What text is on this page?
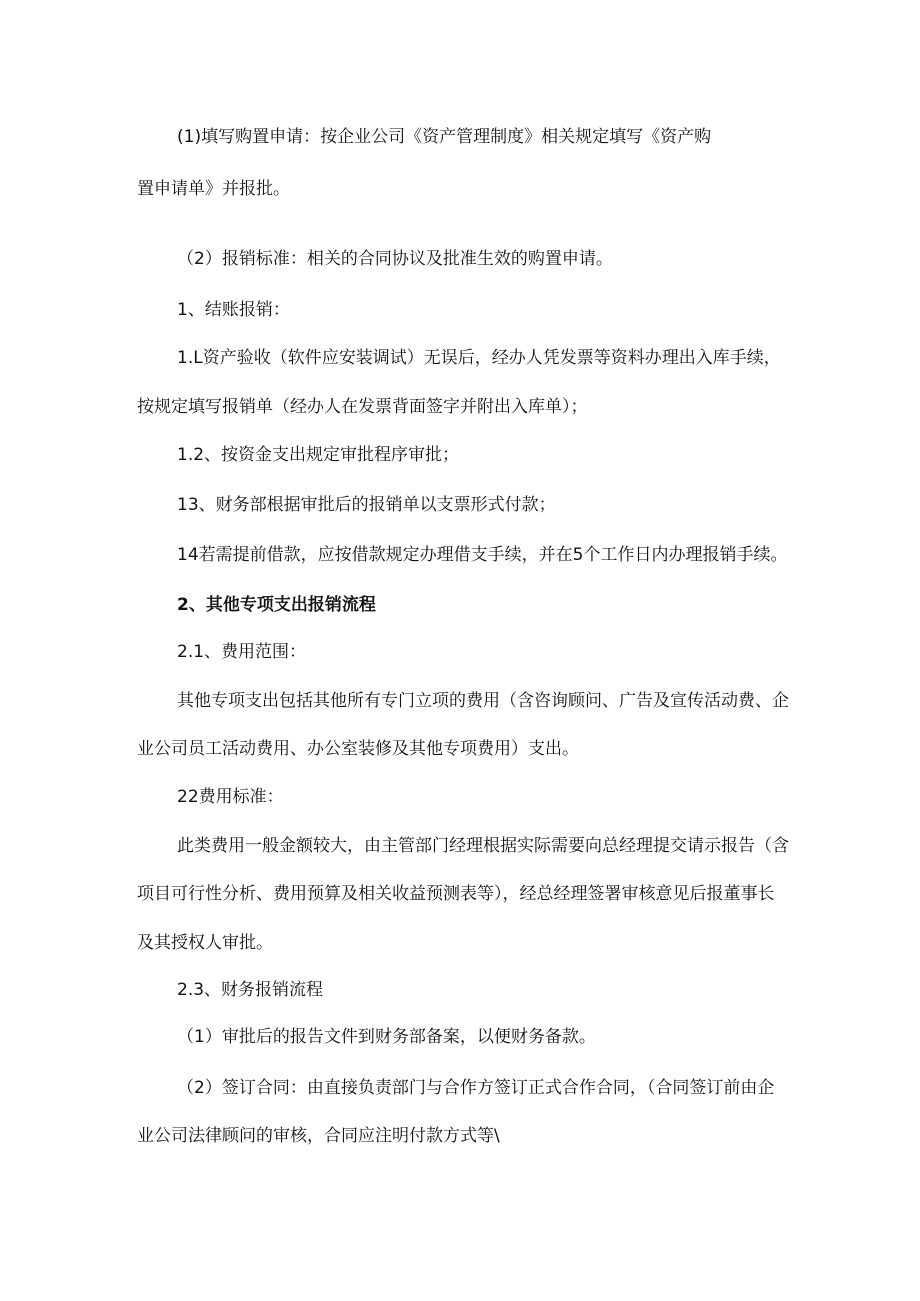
(1)填写购置申请：按企业公司《资产管理制度》相关规定填写《资产购
置申请单》并报批。
（2）报销标准：相关的合同协议及批准生效的购置申请。
1、结账报销：
1.L资产验收（软件应安装调试）无误后，经办人凭发票等资料办理出入库手续，
按规定填写报销单（经办人在发票背面签字并附出入库单）；
1.2、按资金支出规定审批程序审批；
13、财务部根据审批后的报销单以支票形式付款；
14若需提前借款，应按借款规定办理借支手续，并在5个工作日内办理报销手续。
2、其他专项支出报销流程
2.1、费用范围：
其他专项支出包括其他所有专门立项的费用（含咨询顾问、广告及宣传活动费、企
业公司员工活动费用、办公室装修及其他专项费用）支出。
22费用标准：
此类费用一般金额较大，由主管部门经理根据实际需要向总经理提交请示报告（含
项目可行性分析、费用预算及相关收益预测表等），经总经理签署审核意见后报董事长
及其授权人审批。
2.3、财务报销流程
（1）审批后的报告文件到财务部备案，以便财务备款。
（2）签订合同：由直接负责部门与合作方签订正式合作合同，（合同签订前由企
业公司法律顾问的审核，合同应注明付款方式等\
